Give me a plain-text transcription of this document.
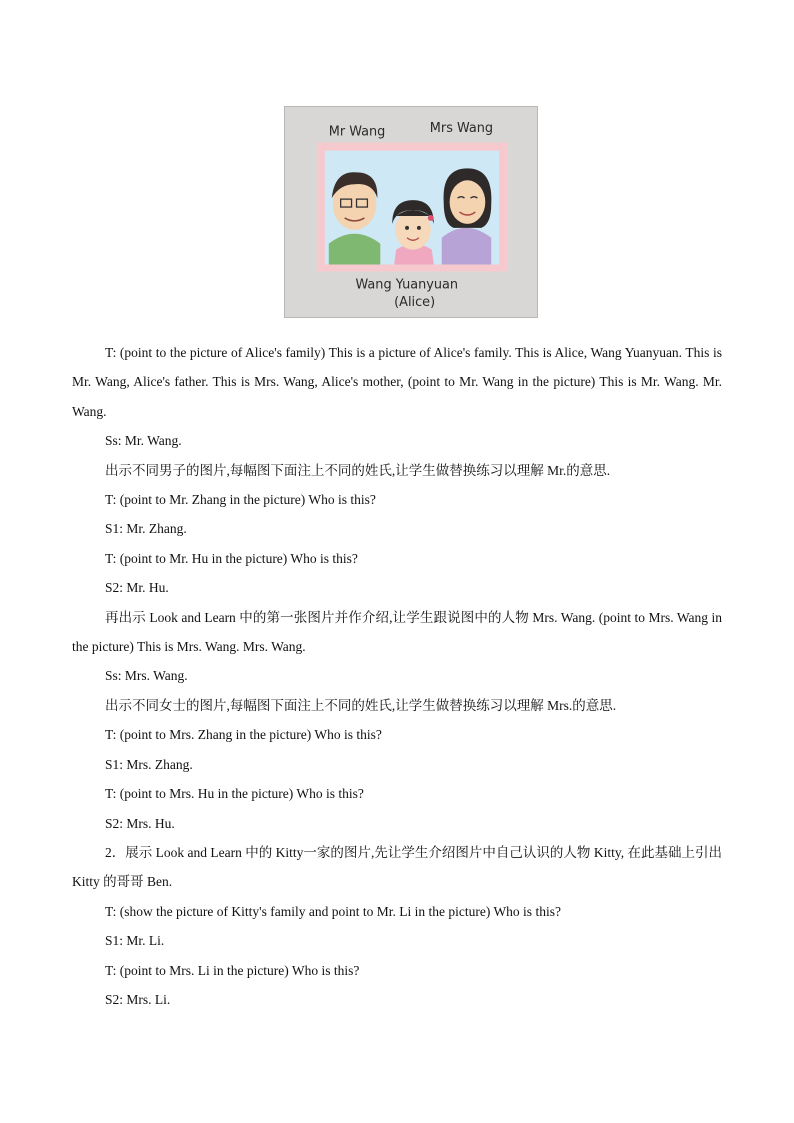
Mr Wang	Mrs Wang
Wang Yuanyuan
(Alice)

T: (point to the picture of Alice's family) This is a picture of Alice's family. This is Alice, Wang Yuanyuan. This is Mr. Wang, Alice's father. This is Mrs. Wang, Alice's mother, (point to Mr. Wang in the picture) This is Mr. Wang. Mr. Wang.

Ss: Mr. Wang.

出示不同男子的图片,每幅图下面注上不同的姓氏,让学生做替换练习以理解 Mr.的意思.

T: (point to Mr. Zhang in the picture) Who is this?

S1: Mr. Zhang.

T: (point to Mr. Hu in the picture) Who is this?

S2: Mr. Hu.

再出示 Look and Learn 中的第一张图片并作介绍,让学生跟说图中的人物 Mrs. Wang. (point to Mrs. Wang in the picture) This is Mrs. Wang. Mrs. Wang.

Ss: Mrs. Wang.

出示不同女士的图片,每幅图下面注上不同的姓氏,让学生做替换练习以理解 Mrs.的意思.

T: (point to Mrs. Zhang in the picture) Who is this?

S1: Mrs. Zhang.

T: (point to Mrs. Hu in the picture) Who is this?

S2: Mrs. Hu.

2．展示 Look and Learn 中的 Kitty一家的图片,先让学生介绍图片中自己认识的人物 Kitty, 在此基础上引出 Kitty 的哥哥 Ben.

T: (show the picture of Kitty's family and point to Mr. Li in the picture) Who is this?

S1: Mr. Li.

T: (point to Mrs. Li in the picture) Who is this?

S2: Mrs. Li.
